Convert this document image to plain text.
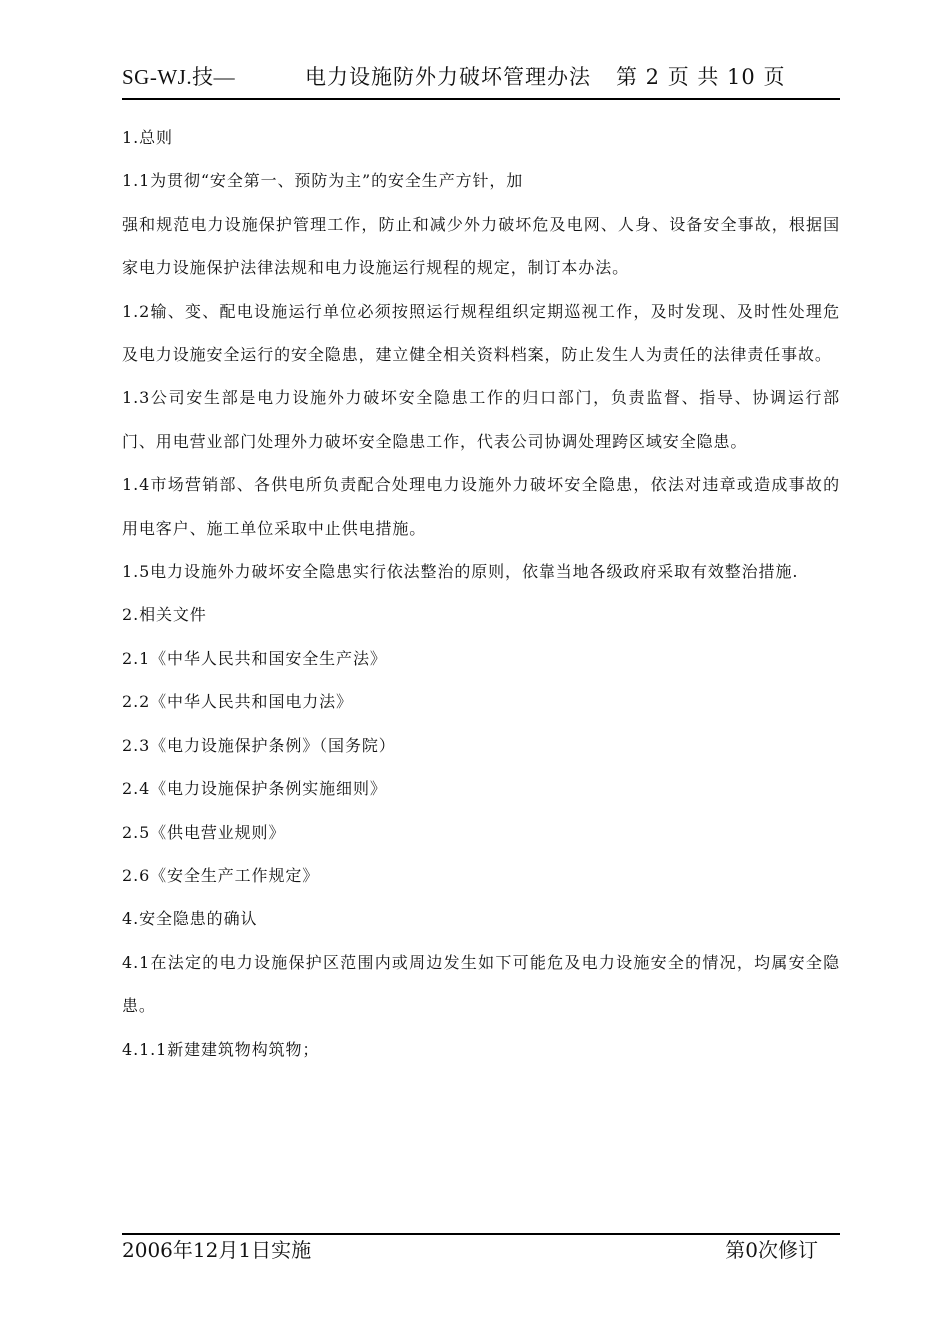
SG-WJ.技—	电力设施防外力破坏管理办法 第 2 页 共 10 页

1.总则

1.1为贯彻“安全第一、预防为主”的安全生产方针，加

强和规范电力设施保护管理工作，防止和减少外力破坏危及电网、人身、设备安全事故，根据国家电力设施保护法律法规和电力设施运行规程的规定，制订本办法。

1.2输、变、配电设施运行单位必须按照运行规程组织定期巡视工作，及时发现、及时性处理危及电力设施安全运行的安全隐患，建立健全相关资料档案，防止发生人为责任的法律责任事故。

1.3公司安生部是电力设施外力破坏安全隐患工作的归口部门，负责监督、指导、协调运行部门、用电营业部门处理外力破坏安全隐患工作，代表公司协调处理跨区域安全隐患。

1.4市场营销部、各供电所负责配合处理电力设施外力破坏安全隐患，依法对违章或造成事故的用电客户、施工单位采取中止供电措施。

1.5电力设施外力破坏安全隐患实行依法整治的原则，依靠当地各级政府采取有效整治措施.

2.相关文件

2.1《中华人民共和国安全生产法》

2.2《中华人民共和国电力法》

2.3《电力设施保护条例》（国务院）

2.4《电力设施保护条例实施细则》

2.5《供电营业规则》

2.6《安全生产工作规定》

4.安全隐患的确认

4.1在法定的电力设施保护区范围内或周边发生如下可能危及电力设施安全的情况，均属安全隐患。

4.1.1新建建筑物构筑物；

2006年12月1日实施	第0次修订
